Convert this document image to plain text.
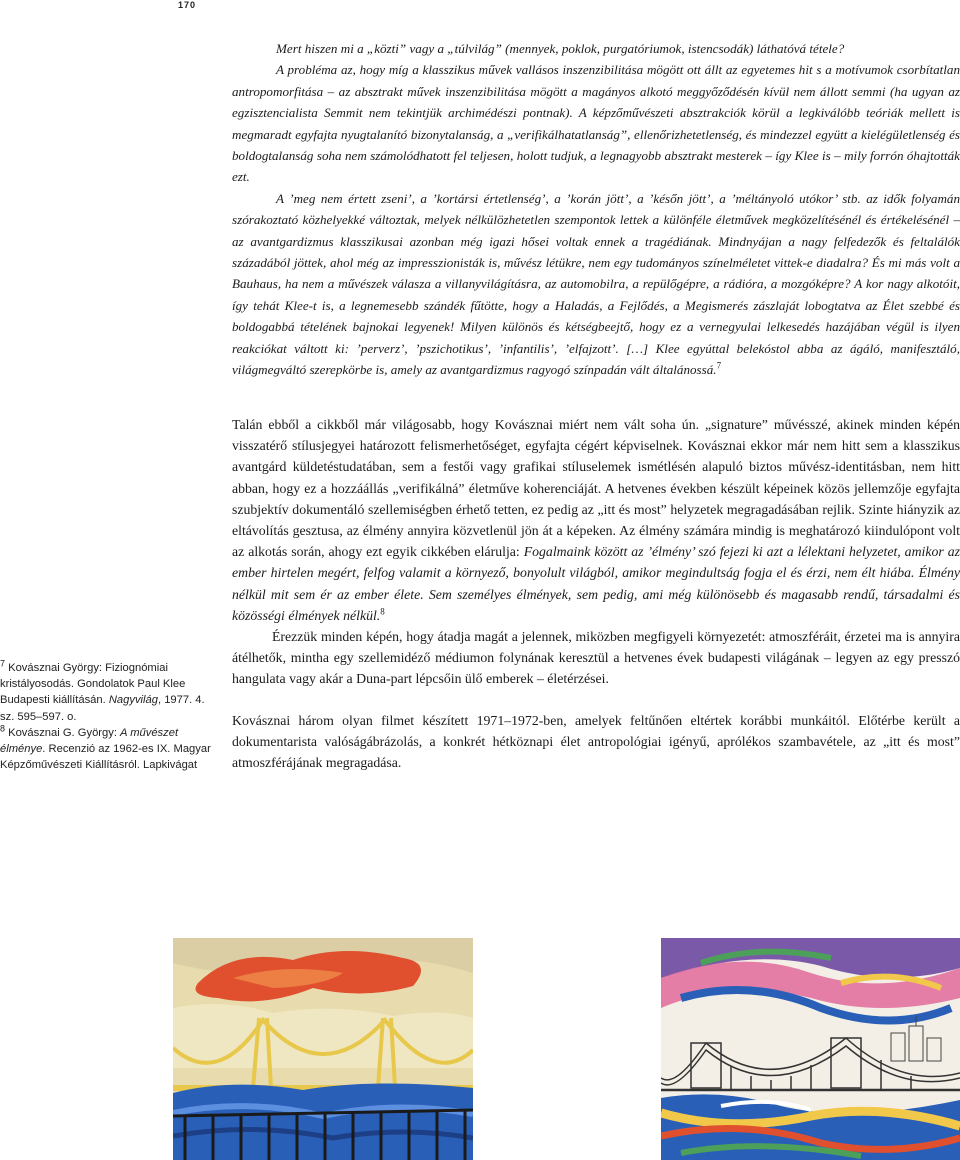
170

Mert hiszen mi a „közti” vagy a „túlvilág” (mennyek, poklok, purgatóriumok, istencsodák) láthatóvá tétele?

A probléma az, hogy míg a klasszikus művek vallásos inszenzibilitása mögött ott állt az egyetemes hit s a motívumok csorbítatlan antropomorfitása – az absztrakt művek inszenzibilitása mögött a magányos alkotó meggyőződésén kívül nem állott semmi (ha ugyan az egzisztencialista Semmit nem tekintjük archimédészi pontnak). A képzőművészeti absztrakciók körül a legkiválóbb teóriák mellett is megmaradt egyfajta nyugtalanító bizonytalanság, a „verifikálhatatlanság”, ellenőrizhetetlenség, és mindezzel együtt a kielégületlenség és boldogtalanság soha nem számolódhatott fel teljesen, holott tudjuk, a legnagyobb absztrakt mesterek – így Klee is – mily forrón óhajtották ezt.

A ’meg nem értett zseni’, a ’kortársi értetlenség’, a ’korán jött’, a ’későn jött’, a ’méltányoló utókor’ stb. az idők folyamán szórakoztató közhelyekké változtak, melyek nélkülözhetetlen szempontok lettek a különféle életművek megközelítésénél és értékelésénél – az avantgardizmus klasszikusai azonban még igazi hősei voltak ennek a tragédiának. Mindnyájan a nagy felfedezők és feltalálók századából jöttek, ahol még az impresszionisták is, művész létükre, nem egy tudományos színelméletet vittek-e diadalra? És mi más volt a Bauhaus, ha nem a művészek válasza a villanyvilágításra, az automobilra, a repülőgépre, a rádióra, a mozgóképre? A kor nagy alkotóit, így tehát Klee-t is, a legnemesebb szándék fűtötte, hogy a Haladás, a Fejlődés, a Megismerés zászlaját lobogtatva az Élet szebbé és boldogabbá tételének bajnokai legyenek! Milyen különös és kétségbeejtő, hogy ez a vernegyulai lelkesedés hazájában végül is ilyen reakciókat váltott ki: ’perverz’, ’pszichotikus’, ’infantilis’, ’elfajzott’. […] Klee egyúttal belekóstol abba az ágáló, manifesztáló, világmegváltó szerepkörbe is, amely az avantgardizmus ragyogó színpadán vált általánossá.$^7$

Talán ebből a cikkből már világosabb, hogy Kovásznai miért nem vált soha ún. „signature” művésszé, akinek minden képén visszatérő stílusjegyei határozott felismerhetőséget, egyfajta cégért képviselnek. Kovásznai ekkor már nem hitt sem a klasszikus avantgárd küldetéstudatában, sem a festői vagy grafikai stíluselemek ismétlésén alapuló biztos művész-identitásban, nem hitt abban, hogy ez a hozzáállás „verifikálná” életműve koherenciáját. A hetvenes években készült képeinek közös jellemzője egyfajta szubjektív dokumentáló szellemiségben érhető tetten, ez pedig az „itt és most” helyzetek megragadásában rejlik. Szinte hiányzik az eltávolítás gesztusa, az élmény annyira közvetlenül jön át a képeken. Az élmény számára mindig is meghatározó kiindulópont volt az alkotás során, ahogy ezt egyik cikkében elárulja: Fogalmaink között az ’élmény’ szó fejezi ki azt a lélektani helyzetet, amikor az ember hirtelen megért, felfog valamit a környező, bonyolult világból, amikor megindultság fogja el és érzi, nem élt hiába. Élmény nélkül mit sem ér az ember élete. Sem személyes élmények, sem pedig, ami még különösebb és magasabb rendű, társadalmi és közösségi élmények nélkül.$^8$

Érezzük minden képén, hogy átadja magát a jelennek, miközben megfigyeli környezetét: atmoszféráit, érzetei ma is annyira átélhetők, mintha egy szellemidéző médiumon folynának keresztül a hetvenes évek budapesti világának – legyen az egy presszó hangulata vagy akár a Duna-part lépcsőin ülő emberek – életérzései.

Kovásznai három olyan filmet készített 1971–1972-ben, amelyek feltűnően eltértek korábbi munkáitól. Előtérbe került a dokumentarista valóságábrázolás, a konkrét hétköznapi élet antropológiai igényű, aprólékos szambavétele, az „itt és most” atmoszférájának megragadása.

$^7$ Kovásznai György: Fiziognómiai kristályosodás. Gondolatok Paul Klee Budapesti kiállításán. Nagyvilág, 1977. 4. sz. 595–597. o.

$^8$ Kovásznai G. György: A művészet élménye. Recenzió az 1962-es IX. Magyar Képzőművészeti Kiállításról. Lapkivágat
